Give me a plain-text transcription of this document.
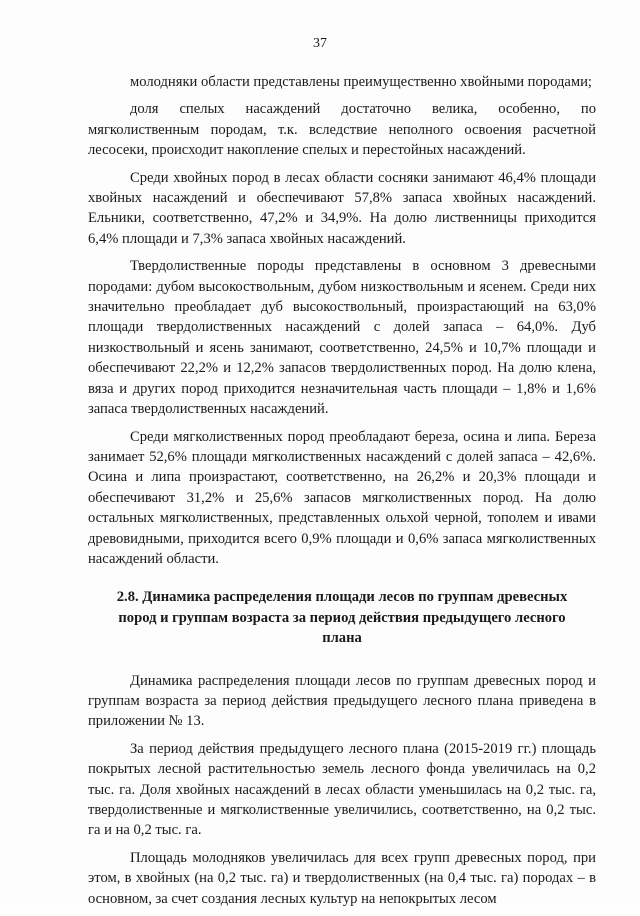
37

молодняки области представлены преимущественно хвойными породами;

доля спелых насаждений достаточно велика, особенно, по мягколиственным породам, т.к. вследствие неполного освоения расчетной лесосеки, происходит накопление спелых и перестойных насаждений.

Среди хвойных пород в лесах области сосняки занимают 46,4% площади хвойных насаждений и обеспечивают 57,8% запаса хвойных насаждений. Ельники, соответственно, 47,2% и 34,9%. На долю лиственницы приходится 6,4% площади и 7,3% запаса хвойных насаждений.

Твердолиственные породы представлены в основном 3 древесными породами: дубом высокоствольным, дубом низкоствольным и ясенем. Среди них значительно преобладает дуб высокоствольный, произрастающий на 63,0% площади твердолиственных насаждений с долей запаса – 64,0%. Дуб низкоствольный и ясень занимают, соответственно, 24,5% и 10,7% площади и обеспечивают 22,2% и 12,2% запасов твердолиственных пород. На долю клена, вяза и других пород приходится незначительная часть площади – 1,8% и 1,6% запаса твердолиственных насаждений.

Среди мягколиственных пород преобладают береза, осина и липа. Береза занимает 52,6% площади мягколиственных насаждений с долей запаса – 42,6%. Осина и липа произрастают, соответственно, на 26,2% и 20,3% площади и обеспечивают 31,2% и 25,6% запасов мягколиственных пород. На долю остальных мягколиственных, представленных ольхой черной, тополем и ивами древовидными, приходится всего 0,9% площади и 0,6% запаса мягколиственных насаждений области.

2.8. Динамика распределения площади лесов по группам древесных пород и группам возраста за период действия предыдущего лесного плана

Динамика распределения площади лесов по группам древесных пород и группам возраста за период действия предыдущего лесного плана приведена в приложении № 13.

За период действия предыдущего лесного плана (2015-2019 гг.) площадь покрытых лесной растительностью земель лесного фонда увеличилась на 0,2 тыс. га. Доля хвойных насаждений в лесах области уменьшилась на 0,2 тыс. га, твердолиственные и мягколиственные увеличились, соответственно, на 0,2 тыс. га и на 0,2 тыс. га.

Площадь молодняков увеличилась для всех групп древесных пород, при этом, в хвойных (на 0,2 тыс. га) и твердолиственных (на 0,4 тыс. га) породах – в основном, за счет создания лесных культур на непокрытых лесом
